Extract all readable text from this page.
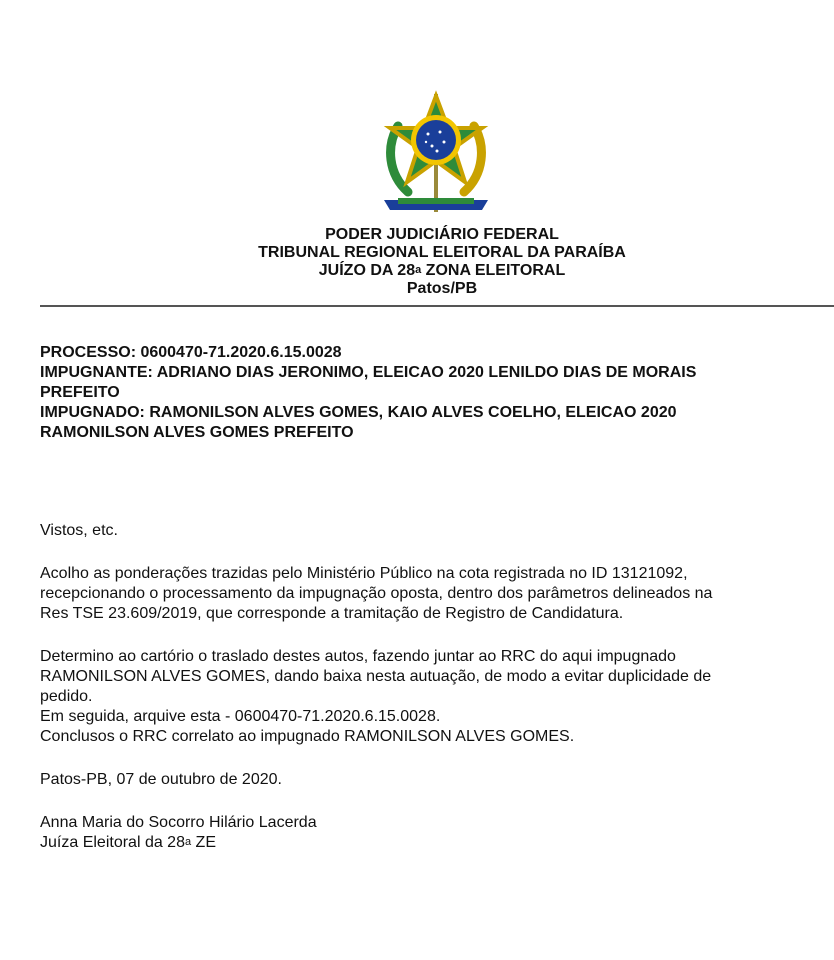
PODER JUDICIÁRIO FEDERAL
TRIBUNAL REGIONAL ELEITORAL DA PARAÍBA
JUÍZO DA 28$^a$ ZONA ELEITORAL
Patos/PB
PROCESSO: 0600470-71.2020.6.15.0028
IMPUGNANTE: ADRIANO DIAS JERONIMO, ELEICAO 2020 LENILDO DIAS DE MORAIS
PREFEITO
IMPUGNADO: RAMONILSON ALVES GOMES, KAIO ALVES COELHO, ELEICAO 2020
RAMONILSON ALVES GOMES PREFEITO

Vistos, etc.

Acolho as ponderações trazidas pelo Ministério Público na cota registrada no ID 13121092,

recepcionando o processamento da impugnação oposta, dentro dos parâmetros delineados na

Res TSE 23.609/2019, que corresponde a tramitação de Registro de Candidatura.

Determino ao cartório o traslado destes autos, fazendo juntar ao RRC do aqui impugnado

RAMONILSON ALVES GOMES, dando baixa nesta autuação, de modo a evitar duplicidade de

pedido.

Em seguida, arquive esta - 0600470-71.2020.6.15.0028.

Conclusos o RRC correlato ao impugnado RAMONILSON ALVES GOMES.

Patos-PB, 07 de outubro de 2020.

Anna Maria do Socorro Hilário Lacerda

Juíza Eleitoral da 28$^a$ ZE
